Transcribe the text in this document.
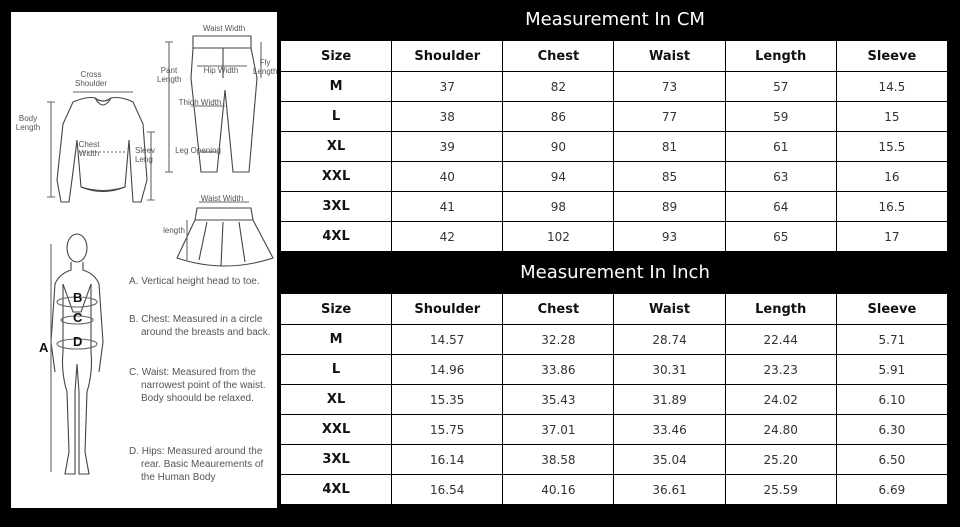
Waist Width
Cross
Shoulder
Pant
Length
Hip Width
Fly
Length
Body
Length
Thigh Width
Chest
Width	Sleev
Leng
Leg Opening
Waist Width
length
A
B
C
D
A. Vertical height head to toe.
B. Chest: Measured in a circle around the breasts and back.
C. Waist: Measured from the narrowest point of the waist. Body shoould be relaxed.
D. Hips: Measured around the rear. Basic Meaurements of the Human Body
Measurement In CM
Size	Shoulder	Chest	Waist	Length	Sleeve
M	37	82	73	57	14.5
L	38	86	77	59	15
XL	39	90	81	61	15.5
XXL	40	94	85	63	16
3XL	41	98	89	64	16.5
4XL	42	102	93	65	17
Measurement In Inch
Size	Shoulder	Chest	Waist	Length	Sleeve
M	14.57	32.28	28.74	22.44	5.71
L	14.96	33.86	30.31	23.23	5.91
XL	15.35	35.43	31.89	24.02	6.10
XXL	15.75	37.01	33.46	24.80	6.30
3XL	16.14	38.58	35.04	25.20	6.50
4XL	16.54	40.16	36.61	25.59	6.69
